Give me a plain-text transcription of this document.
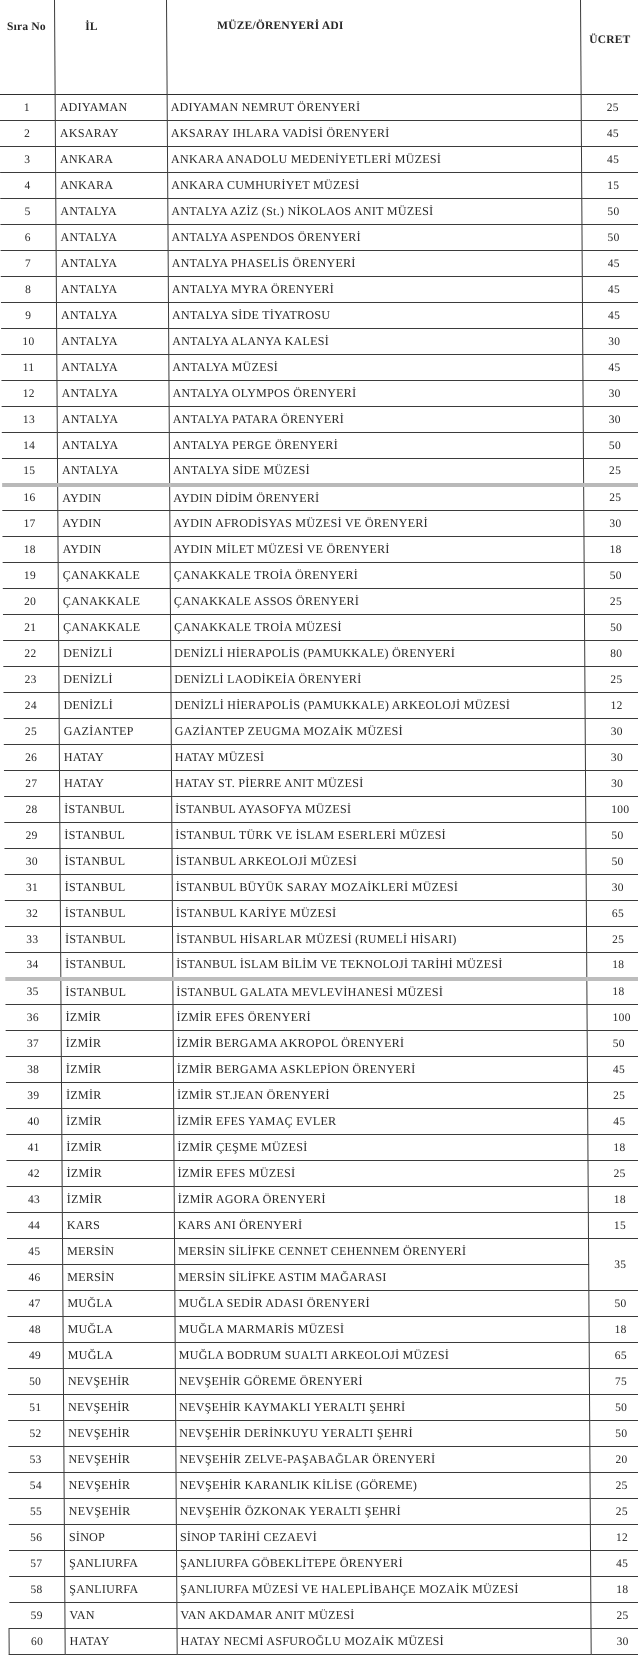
Sıra No	İL	MÜZE/ÖRENYERİ ADI	ÜCRET
1	ADIYAMAN	ADIYAMAN NEMRUT ÖRENYERİ	25
2	AKSARAY	AKSARAY IHLARA VADİSİ ÖRENYERİ	45
3	ANKARA	ANKARA ANADOLU MEDENİYETLERİ MÜZESİ	45
4	ANKARA	ANKARA CUMHURİYET MÜZESİ	15
5	ANTALYA	ANTALYA AZİZ (St.) NİKOLAOS ANIT MÜZESİ	50
6	ANTALYA	ANTALYA ASPENDOS ÖRENYERİ	50
7	ANTALYA	ANTALYA PHASELİS ÖRENYERİ	45
8	ANTALYA	ANTALYA MYRA ÖRENYERİ	45
9	ANTALYA	ANTALYA SİDE TİYATROSU	45
10	ANTALYA	ANTALYA ALANYA KALESİ	30
11	ANTALYA	ANTALYA MÜZESİ	45
12	ANTALYA	ANTALYA OLYMPOS ÖRENYERİ	30
13	ANTALYA	ANTALYA PATARA ÖRENYERİ	30
14	ANTALYA	ANTALYA PERGE ÖRENYERİ	50
15	ANTALYA	ANTALYA SİDE MÜZESİ	25
16	AYDIN	AYDIN DİDİM ÖRENYERİ	25
17	AYDIN	AYDIN AFRODİSYAS MÜZESİ VE ÖRENYERİ	30
18	AYDIN	AYDIN MİLET MÜZESİ VE ÖRENYERİ	18
19	ÇANAKKALE	ÇANAKKALE TROİA ÖRENYERİ	50
20	ÇANAKKALE	ÇANAKKALE ASSOS ÖRENYERİ	25
21	ÇANAKKALE	ÇANAKKALE TROİA MÜZESİ	50
22	DENİZLİ	DENİZLİ HİERAPOLİS (PAMUKKALE) ÖRENYERİ	80
23	DENİZLİ	DENİZLİ LAODİKEİA ÖRENYERİ	25
24	DENİZLİ	DENİZLİ HİERAPOLİS (PAMUKKALE) ARKEOLOJİ MÜZESİ	12
25	GAZİANTEP	GAZİANTEP ZEUGMA MOZAİK MÜZESİ	30
26	HATAY	HATAY MÜZESİ	30
27	HATAY	HATAY ST. PİERRE ANIT MÜZESİ	30
28	İSTANBUL	İSTANBUL AYASOFYA MÜZESİ	100
29	İSTANBUL	İSTANBUL TÜRK VE İSLAM ESERLERİ MÜZESİ	50
30	İSTANBUL	İSTANBUL ARKEOLOJİ MÜZESİ	50
31	İSTANBUL	İSTANBUL BÜYÜK SARAY MOZAİKLERİ MÜZESİ	30
32	İSTANBUL	İSTANBUL KARİYE MÜZESİ	65
33	İSTANBUL	İSTANBUL HİSARLAR MÜZESİ (RUMELİ HİSARI)	25
34	İSTANBUL	İSTANBUL İSLAM BİLİM VE TEKNOLOJİ TARİHİ MÜZESİ	18
35	İSTANBUL	İSTANBUL GALATA MEVLEVİHANESİ MÜZESİ	18
36	İZMİR	İZMİR EFES ÖRENYERİ	100
37	İZMİR	İZMİR BERGAMA AKROPOL ÖRENYERİ	50
38	İZMİR	İZMİR BERGAMA ASKLEPİON ÖRENYERİ	45
39	İZMİR	İZMİR ST.JEAN ÖRENYERİ	25
40	İZMİR	İZMİR EFES YAMAÇ EVLER	45
41	İZMİR	İZMİR ÇEŞME MÜZESİ	18
42	İZMİR	İZMİR EFES MÜZESİ	25
43	İZMİR	İZMİR AGORA ÖRENYERİ	18
44	KARS	KARS ANI ÖRENYERİ	15
45	MERSİN	MERSİN SİLİFKE CENNET CEHENNEM ÖRENYERİ	35
46	MERSİN	MERSİN SİLİFKE ASTIM MAĞARASI	
47	MUĞLA	MUĞLA SEDİR ADASI ÖRENYERİ	50
48	MUĞLA	MUĞLA MARMARİS MÜZESİ	18
49	MUĞLA	MUĞLA BODRUM SUALTI ARKEOLOJİ MÜZESİ	65
50	NEVŞEHİR	NEVŞEHİR GÖREME ÖRENYERİ	75
51	NEVŞEHİR	NEVŞEHİR KAYMAKLI YERALTI ŞEHRİ	50
52	NEVŞEHİR	NEVŞEHİR DERİNKUYU YERALTI ŞEHRİ	50
53	NEVŞEHİR	NEVŞEHİR ZELVE-PAŞABAĞLAR ÖRENYERİ	20
54	NEVŞEHİR	NEVŞEHİR KARANLIK KİLİSE (GÖREME)	25
55	NEVŞEHİR	NEVŞEHİR ÖZKONAK YERALTI ŞEHRİ	25
56	SİNOP	SİNOP TARİHİ CEZAEVİ	12
57	ŞANLIURFA	ŞANLIURFA GÖBEKLİTEPE ÖRENYERİ	45
58	ŞANLIURFA	ŞANLIURFA MÜZESİ VE HALEPLİBAHÇE MOZAİK MÜZESİ	18
59	VAN	VAN AKDAMAR ANIT MÜZESİ	25
60	HATAY	HATAY NECMİ ASFUROĞLU MOZAİK MÜZESİ	30
